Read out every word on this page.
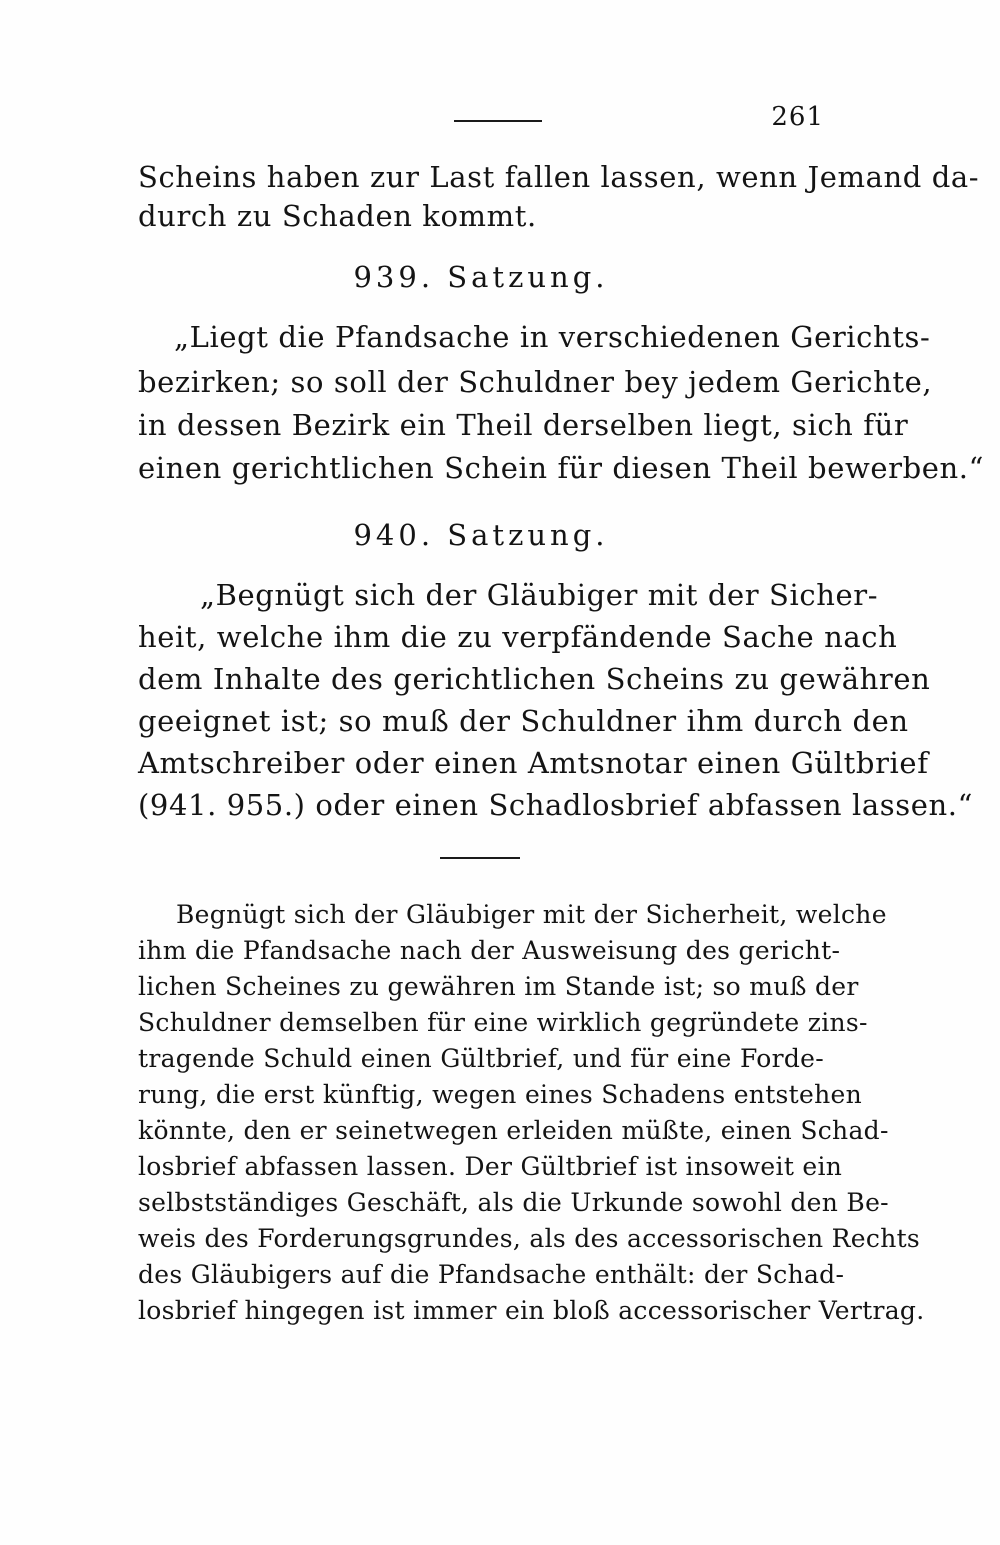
261
Scheins haben zur Last fallen lassen, wenn Jemand da-
durch zu Schaden kommt.
939. Satzung.
„Liegt die Pfandsache in verschiedenen Gerichts-
bezirken; so soll der Schuldner bey jedem Gerichte,
in dessen Bezirk ein Theil derselben liegt, sich für
einen gerichtlichen Schein für diesen Theil bewerben.“
940. Satzung.
„Begnügt sich der Gläubiger mit der Sicher-
heit, welche ihm die zu verpfändende Sache nach
dem Inhalte des gerichtlichen Scheins zu gewähren
geeignet ist; so muß der Schuldner ihm durch den
Amtschreiber oder einen Amtsnotar einen Gültbrief
(941. 955.) oder einen Schadlosbrief abfassen lassen.“
Begnügt sich der Gläubiger mit der Sicherheit, welche
ihm die Pfandsache nach der Ausweisung des gericht-
lichen Scheines zu gewähren im Stande ist; so muß der
Schuldner demselben für eine wirklich gegründete zins-
tragende Schuld einen Gültbrief, und für eine Forde-
rung, die erst künftig, wegen eines Schadens entstehen
könnte, den er seinetwegen erleiden müßte, einen Schad-
losbrief abfassen lassen. Der Gültbrief ist insoweit ein
selbstständiges Geschäft, als die Urkunde sowohl den Be-
weis des Forderungsgrundes, als des accessorischen Rechts
des Gläubigers auf die Pfandsache enthält: der Schad-
losbrief hingegen ist immer ein bloß accessorischer Vertrag.
